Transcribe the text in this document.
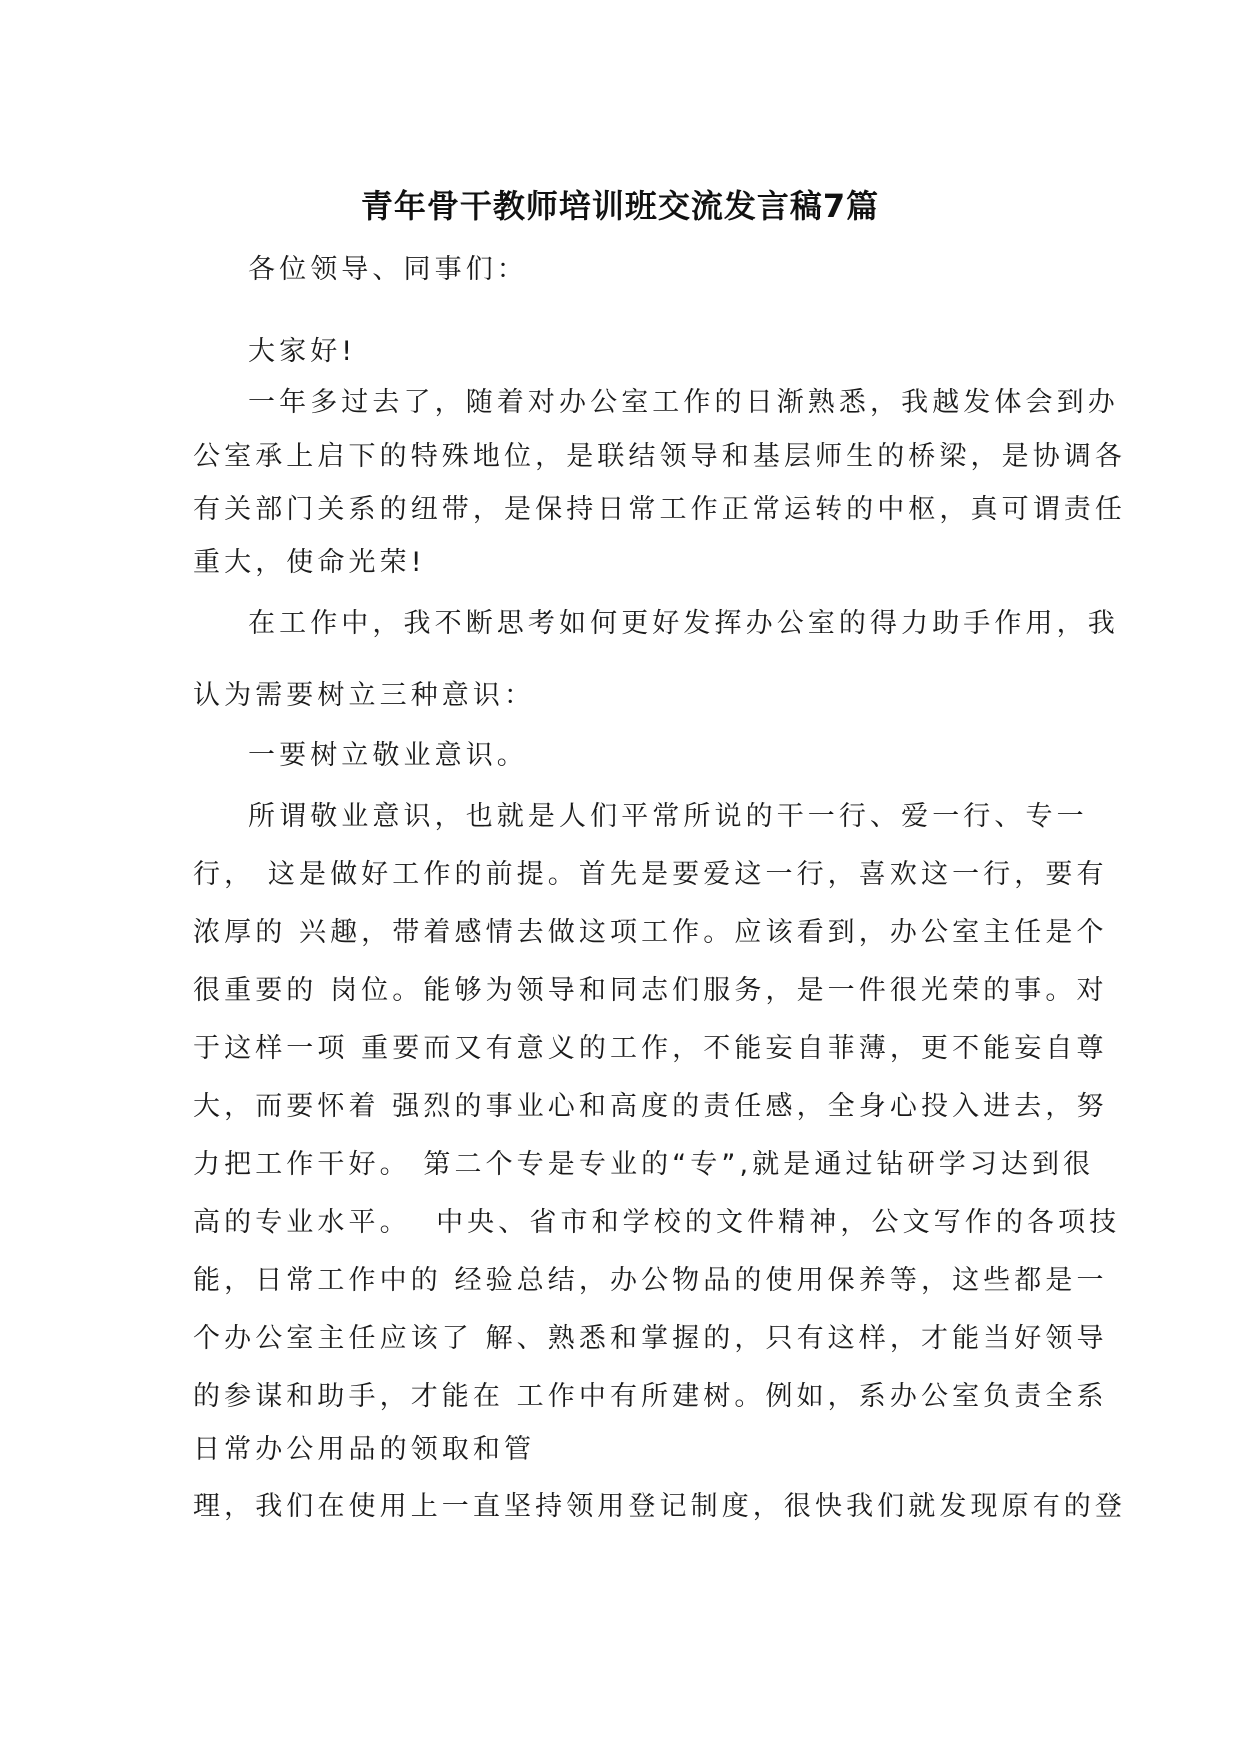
青年骨干教师培训班交流发言稿7篇
各位领导、同事们：
大家好!
一年多过去了，随着对办公室工作的日渐熟悉，我越发体会到办
公室承上启下的特殊地位，是联结领导和基层师生的桥梁，是协调各
有关部门关系的纽带，是保持日常工作正常运转的中枢，真可谓责任
重大，使命光荣!
在工作中，我不断思考如何更好发挥办公室的得力助手作用，我
认为需要树立三种意识：
一要树立敬业意识。
所谓敬业意识，也就是人们平常所说的干一行、爱一行、专一
行， 这是做好工作的前提。首先是要爱这一行，喜欢这一行，要有
浓厚的 兴趣，带着感情去做这项工作。应该看到，办公室主任是个
很重要的 岗位。能够为领导和同志们服务，是一件很光荣的事。对
于这样一项 重要而又有意义的工作，不能妄自菲薄，更不能妄自尊
大，而要怀着 强烈的事业心和高度的责任感，全身心投入进去，努
力把工作干好。 第二个专是专业的“专”,就是通过钻研学习达到很
高的专业水平。  中央、省市和学校的文件精神，公文写作的各项技
能，日常工作中的 经验总结，办公物品的使用保养等，这些都是一
个办公室主任应该了 解、熟悉和掌握的，只有这样，才能当好领导
的参谋和助手，才能在 工作中有所建树。例如，系办公室负责全系
日常办公用品的领取和管
理，我们在使用上一直坚持领用登记制度，很快我们就发现原有的登
